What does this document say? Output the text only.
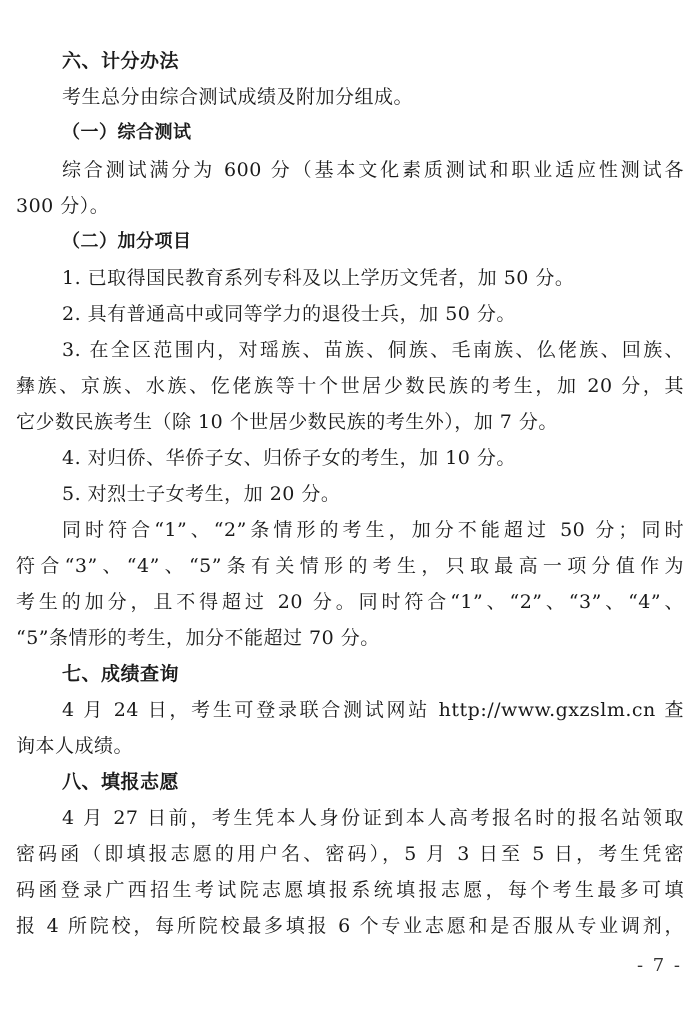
六、计分办法
考生总分由综合测试成绩及附加分组成。
（一）综合测试
综合测试满分为 600 分（基本文化素质测试和职业适应性测试各
300 分）。
（二）加分项目
1. 已取得国民教育系列专科及以上学历文凭者，加 50 分。
2. 具有普通高中或同等学力的退役士兵，加 50 分。
3. 在全区范围内，对瑶族、苗族、侗族、毛南族、仫佬族、回族、
彝族、京族、水族、仡佬族等十个世居少数民族的考生，加 20 分，其
它少数民族考生（除 10 个世居少数民族的考生外），加 7 分。
4. 对归侨、华侨子女、归侨子女的考生，加 10 分。
5. 对烈士子女考生，加 20 分。
同时符合“1”、“2”条情形的考生，加分不能超过 50 分；同时
符合“3”、“4”、“5”条有关情形的考生，只取最高一项分值作为
考生的加分，且不得超过 20 分。同时符合“1”、“2”、“3”、“4”、
“5”条情形的考生，加分不能超过 70 分。
七、成绩查询
4 月 24 日，考生可登录联合测试网站 http://www.gxzslm.cn 查
询本人成绩。
八、填报志愿
4 月 27 日前，考生凭本人身份证到本人高考报名时的报名站领取
密码函（即填报志愿的用户名、密码），5 月 3 日至 5 日，考生凭密
码函登录广西招生考试院志愿填报系统填报志愿，每个考生最多可填
报 4 所院校，每所院校最多填报 6 个专业志愿和是否服从专业调剂，
- 7 -
